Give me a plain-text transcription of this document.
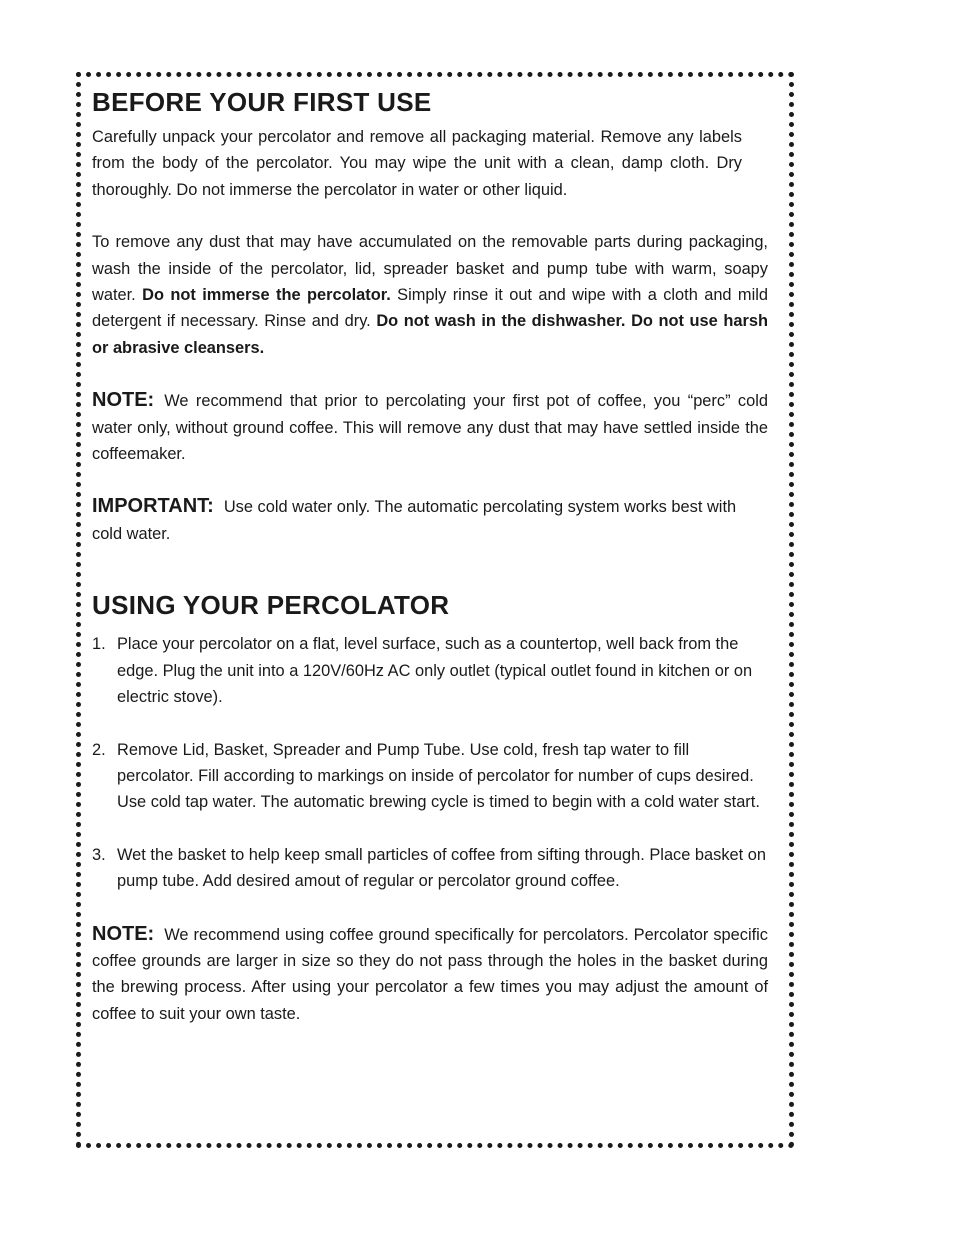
BEFORE YOUR FIRST USE

Carefully unpack your percolator and remove all packaging material. Remove any labels from the body of the percolator. You may wipe the unit with a clean, damp cloth. Dry thoroughly. Do not immerse the percolator in water or other liquid.

To remove any dust that may have accumulated on the removable parts during packaging, wash the inside of the percolator, lid, spreader basket and pump tube with warm, soapy water. Do not immerse the percolator. Simply rinse it out and wipe with a cloth and mild detergent if necessary. Rinse and dry. Do not wash in the dishwasher. Do not use harsh or abrasive cleansers.

NOTE: We recommend that prior to percolating your first pot of coffee, you “perc” cold water only, without ground coffee. This will remove any dust that may have settled inside the coffeemaker.

IMPORTANT: Use cold water only. The automatic percolating system works best with cold water.

USING YOUR PERCOLATOR
1. Place your percolator on a flat, level surface, such as a countertop, well back from the edge. Plug the unit into a 120V/60Hz AC only outlet (typical outlet found in kitchen or on electric stove).
2. Remove Lid, Basket, Spreader and Pump Tube. Use cold, fresh tap water to fill percolator. Fill according to markings on inside of percolator for number of cups desired. Use cold tap water. The automatic brewing cycle is timed to begin with a cold water start.
3. Wet the basket to help keep small particles of coffee from sifting through. Place basket on pump tube. Add desired amout of regular or percolator ground coffee.

NOTE: We recommend using coffee ground specifically for percolators. Percolator specific coffee grounds are larger in size so they do not pass through the holes in the basket during the brewing process. After using your percolator a few times you may adjust the amount of coffee to suit your own taste.
